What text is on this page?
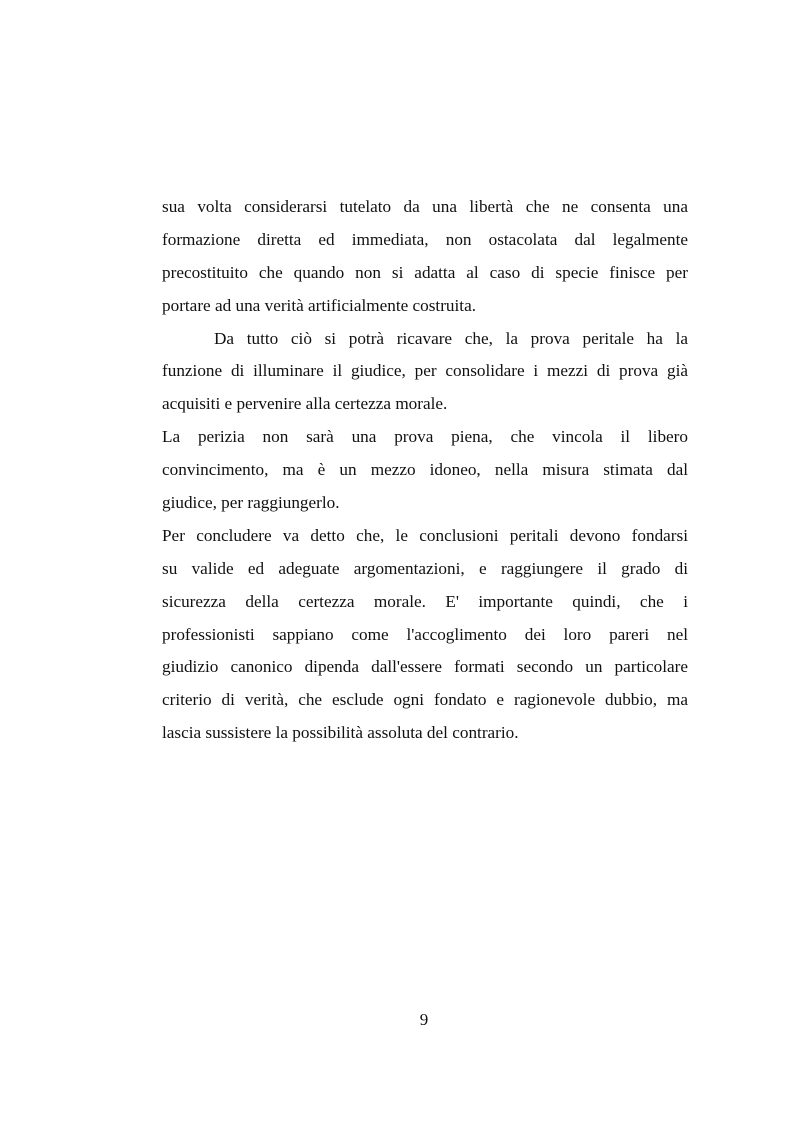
sua volta considerarsi tutelato da una libertà che ne consenta una
formazione diretta ed immediata, non ostacolata dal legalmente
precostituito che quando non si adatta al caso di specie finisce per
portare ad una verità artificialmente costruita.
Da tutto ciò si potrà ricavare che, la prova peritale ha la
funzione di illuminare il giudice, per consolidare i mezzi di prova già
acquisiti e pervenire alla certezza morale.
La perizia non sarà una prova piena, che vincola il libero
convincimento, ma è un mezzo idoneo, nella misura stimata dal
giudice, per raggiungerlo.
Per concludere va detto che, le conclusioni peritali devono fondarsi
su valide ed adeguate argomentazioni, e raggiungere il grado di
sicurezza della certezza morale. E' importante quindi, che i
professionisti sappiano come l'accoglimento dei loro pareri nel
giudizio canonico dipenda dall'essere formati secondo un particolare
criterio di verità, che esclude ogni fondato e ragionevole dubbio, ma
lascia sussistere la possibilità assoluta del contrario.
9
